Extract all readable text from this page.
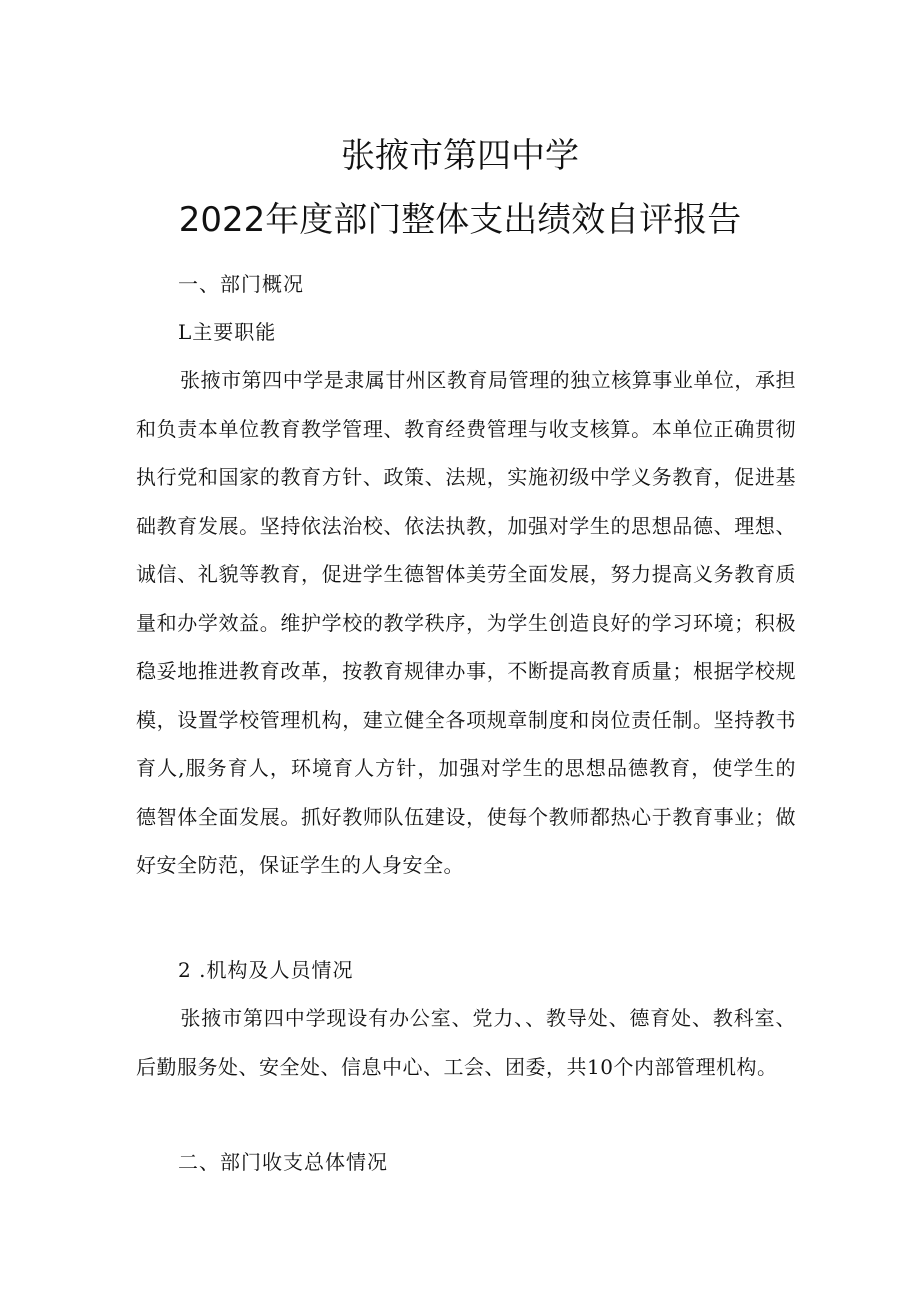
张掖市第四中学
2022年度部门整体支出绩效自评报告
一、部门概况
L主要职能
张掖市第四中学是隶属甘州区教育局管理的独立核算事业单位，承担和负责本单位教育教学管理、教育经费管理与收支核算。本单位正确贯彻执行党和国家的教育方针、政策、法规，实施初级中学义务教育，促进基础教育发展。坚持依法治校、依法执教，加强对学生的思想品德、理想、诚信、礼貌等教育，促进学生德智体美劳全面发展，努力提高义务教育质量和办学效益。维护学校的教学秩序，为学生创造良好的学习环境；积极稳妥地推进教育改革，按教育规律办事，不断提高教育质量；根据学校规模，设置学校管理机构，建立健全各项规章制度和岗位责任制。坚持教书育人,服务育人，环境育人方针，加强对学生的思想品德教育，使学生的德智体全面发展。抓好教师队伍建设，使每个教师都热心于教育事业；做好安全防范，保证学生的人身安全。
2 .机构及人员情况
张掖市第四中学现设有办公室、党力、、教导处、德育处、教科室、后勤服务处、安全处、信息中心、工会、团委，共10个内部管理机构。
二、部门收支总体情况
